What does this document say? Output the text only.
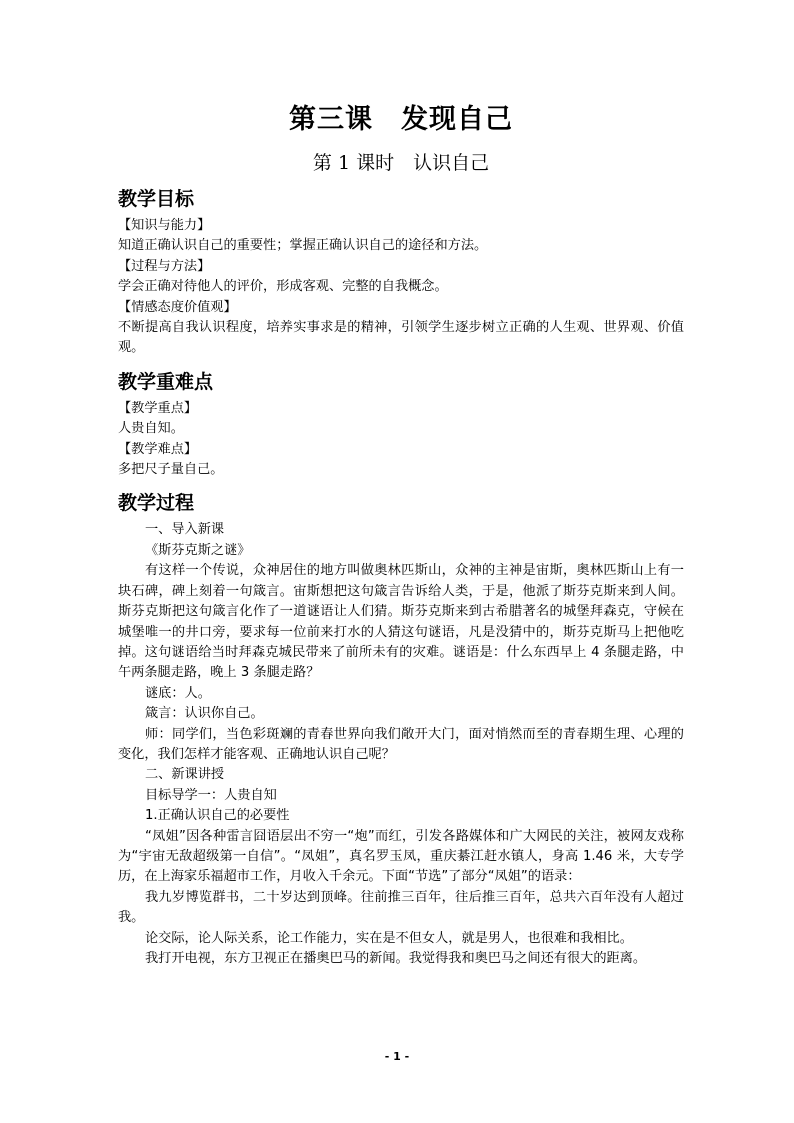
第三课　发现自己
第 1 课时　认识自己
教学目标
【知识与能力】
知道正确认识自己的重要性；掌握正确认识自己的途径和方法。
【过程与方法】
学会正确对待他人的评价，形成客观、完整的自我概念。
【情感态度价值观】
不断提高自我认识程度，培养实事求是的精神，引领学生逐步树立正确的人生观、世界观、价值观。
教学重难点
【教学重点】
人贵自知。
【教学难点】
多把尺子量自己。
教学过程
一、导入新课
《斯芬克斯之谜》
有这样一个传说，众神居住的地方叫做奥林匹斯山，众神的主神是宙斯，奥林匹斯山上有一块石碑，碑上刻着一句箴言。宙斯想把这句箴言告诉给人类，于是，他派了斯芬克斯来到人间。斯芬克斯把这句箴言化作了一道谜语让人们猜。斯芬克斯来到古希腊著名的城堡拜森克，守候在城堡唯一的井口旁，要求每一位前来打水的人猜这句谜语，凡是没猜中的，斯芬克斯马上把他吃掉。这句谜语给当时拜森克城民带来了前所未有的灾难。谜语是：什么东西早上 4 条腿走路，中午两条腿走路，晚上 3 条腿走路？
谜底：人。
箴言：认识你自己。
师：同学们，当色彩斑斓的青春世界向我们敞开大门，面对悄然而至的青春期生理、心理的变化，我们怎样才能客观、正确地认识自己呢？
二、新课讲授
目标导学一：人贵自知
1.正确认识自己的必要性
“凤姐”因各种雷言囧语层出不穷一“炮”而红，引发各路媒体和广大网民的关注，被网友戏称为“宇宙无敌超级第一自信”。“凤姐”，真名罗玉凤，重庆綦江赶水镇人，身高 1.46 米，大专学历，在上海家乐福超市工作，月收入千余元。下面“节选”了部分“凤姐”的语录：
我九岁博览群书，二十岁达到顶峰。往前推三百年，往后推三百年，总共六百年没有人超过我。
论交际，论人际关系，论工作能力，实在是不但女人，就是男人，也很难和我相比。
我打开电视，东方卫视正在播奥巴马的新闻。我觉得我和奥巴马之间还有很大的距离。
- 1 -
